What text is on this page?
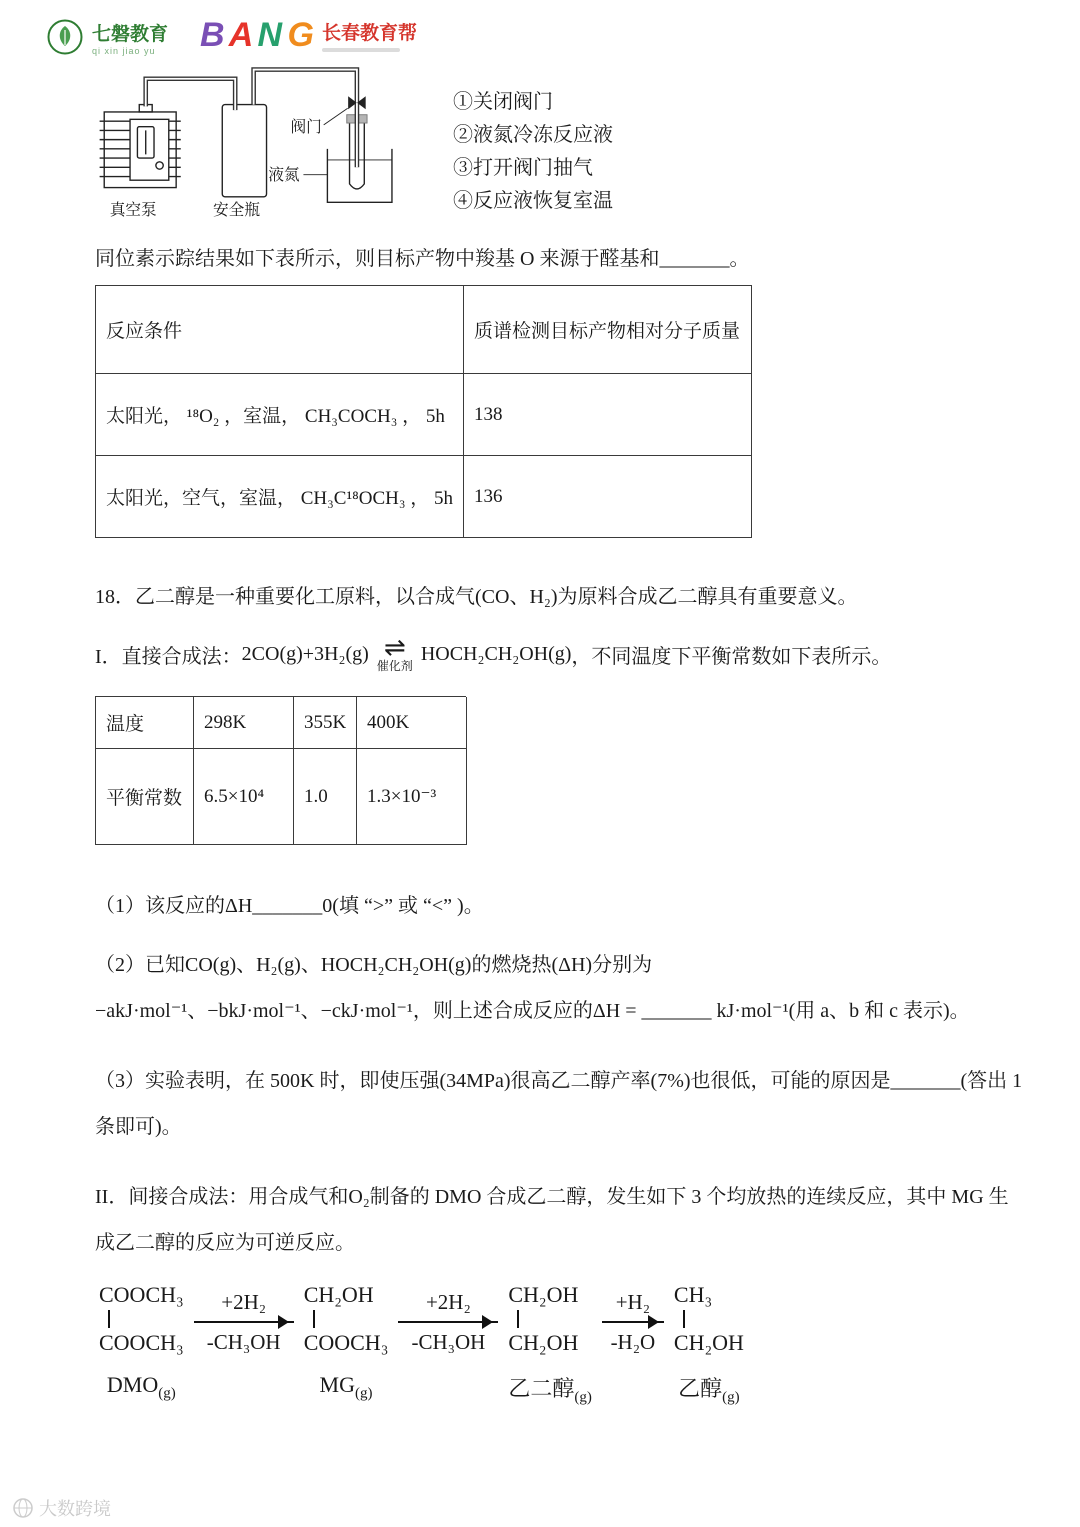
七磐教育
qi xin jiao yu	B A N G 长春教育帮
阀门
液氮
真空泵	安全瓶
①关闭阀门
②液氮冷冻反应液
③打开阀门抽气
④反应液恢复室温
同位素示踪结果如下表所示，则目标产物中羧基 O 来源于醛基和_______。
反应条件	质谱检测目标产物相对分子质量
太阳光， ¹⁸O₂ ，室温， CH₃COCH₃ ， 5h	138
太阳光，空气，室温， CH₃C¹⁸OCH₃ ， 5h	136
18．乙二醇是一种重要化工原料，以合成气(CO、H₂)为原料合成乙二醇具有重要意义。
I．直接合成法： 2CO(g)+3H₂(g) ⇌
催化剂
HOCH₂CH₂OH(g) ，不同温度下平衡常数如下表所示。
温度	298K	355K	400K
平衡常数	6.5×10⁴	1.0	1.3×10⁻³
（1）该反应的ΔH_______0(填 “>” 或 “<” )。
（2）已知CO(g)、H₂(g)、HOCH₂CH₂OH(g)的燃烧热(ΔH)分别为
−akJ·mol⁻¹、−bkJ·mol⁻¹、−ckJ·mol⁻¹，则上述合成反应的ΔH = _______ kJ·mol⁻¹(用 a、b 和 c 表示)。
（3）实验表明，在 500K 时，即使压强(34MPa)很高乙二醇产率(7%)也很低，可能的原因是_______(答出 1
条即可)。
II．间接合成法：用合成气和O₂制备的 DMO 合成乙二醇，发生如下 3 个均放热的连续反应，其中 MG 生
成乙二醇的反应为可逆反应。
COOCH₃
COOCH₃
$DMO_{(g)}$
+2H₂
-CH₃OH
CH₂OH
COOCH₃
$MG_{(g)}$
+2H₂
-CH₃OH
CH₂OH
CH₂OH
乙二醇$_{(g)}$
+H₂
-H₂O
CH₃
CH₂OH
乙醇$_{(g)}$
大数跨境
